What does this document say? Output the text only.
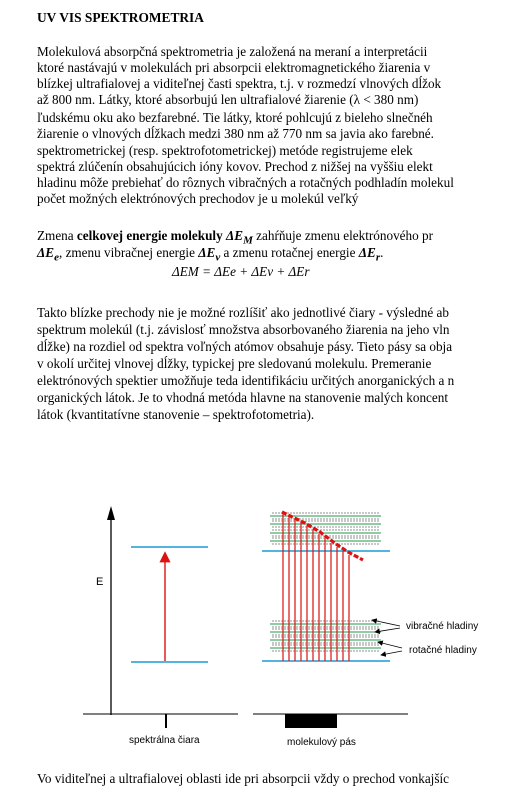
UV VIS SPEKTROMETRIA
Molekulová absorpčná spektrometria je založená na meraní a interpretácii
ktoré nastávajú v molekulách pri absorpcii elektromagnetického žiarenia v
blízkej ultrafialovej a viditeľnej časti spektra, t.j. v rozmedzí vlnových dĺžok
až 800 nm. Látky, ktoré absorbujú len ultrafialové žiarenie (λ < 380 nm)
ľudskému oku ako bezfarebné. Tie látky, ktoré pohlcujú z bieleho slnečnéh
žiarenie o vlnových dĺžkach medzi 380 nm až 770 nm sa javia ako farebné.
spektrometrickej (resp. spektrofotometrickej) metóde registrujeme elek
spektrá zlúčenín obsahujúcich ióny kovov. Prechod z nižšej na vyššiu elekt
hladinu môže prebiehať do rôznych vibračných a rotačných podhladín molekul
počet možných elektrónových prechodov je u molekúl veľký
Zmena celkovej energie molekuly $\Delta E_M$ zahŕňuje zmenu elektrónového pr
$\Delta E_e$, zmenu vibračnej energie $\Delta E_v$ a zmenu rotačnej energie $\Delta E_r$.
ΔEM = ΔEe + ΔEv + ΔEr
Takto blízke prechody nie je možné rozlíšiť ako jednotlivé čiary - výsledné ab
spektrum molekúl (t.j. závislosť množstva absorbovaného žiarenia na jeho vln
dĺžke) na rozdiel od spektra voľných atómov obsahuje pásy. Tieto pásy sa obja
v okolí určitej vlnovej dĺžky, typickej pre sledovanú molekulu. Premeranie
elektrónových spektier umožňuje teda identifikáciu určitých anorganických a n
organických látok. Je to vhodná metóda hlavne na stanovenie malých koncent
látok (kvantitatívne stanovenie – spektrofotometria).
E
vibračné hladiny
rotačné hladiny
spektrálna čiara	molekulový pás
Vo viditeľnej a ultrafialovej oblasti ide pri absorpcii vždy o prechod vonkajšíc
